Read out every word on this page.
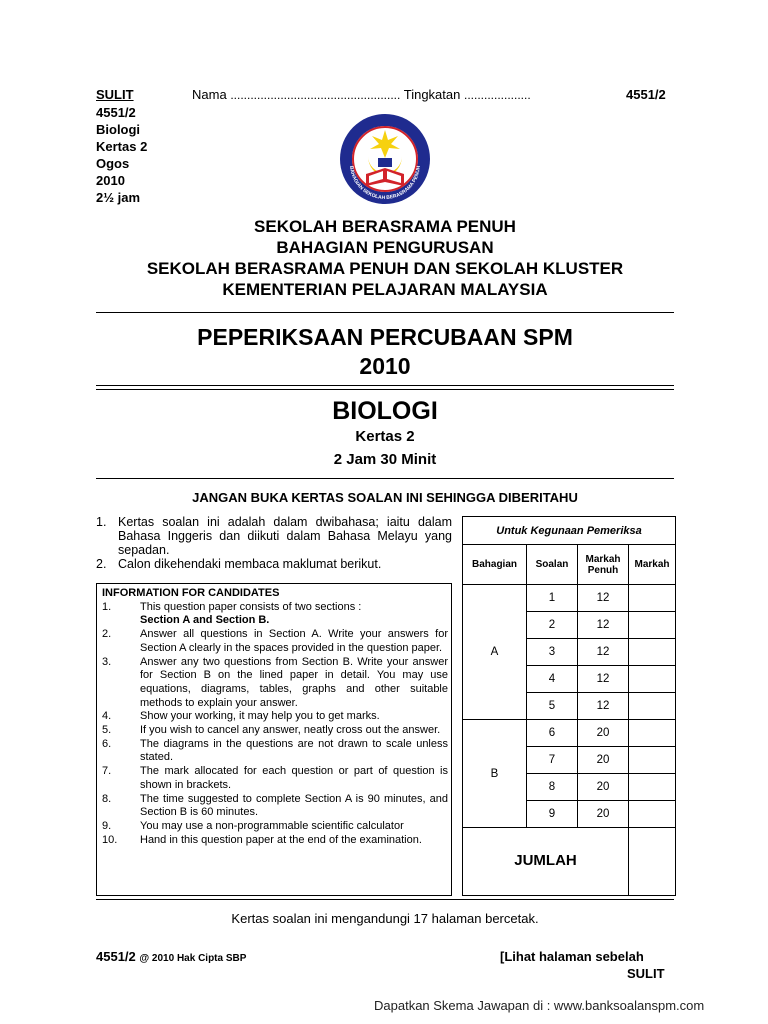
SULIT	Nama ................................................... Tingkatan ....................	4551/2
4551/2
Biologi
Kertas 2
Ogos
2010
2½ jam
BAHAGIAN SEKOLAH BERASRAMA PENUH
SEKOLAH BERASRAMA PENUH
BAHAGIAN PENGURUSAN
SEKOLAH BERASRAMA PENUH DAN SEKOLAH KLUSTER
KEMENTERIAN PELAJARAN MALAYSIA
PEPERIKSAAN PERCUBAAN SPM
2010
BIOLOGI
Kertas 2
2 Jam 30 Minit
JANGAN BUKA KERTAS SOALAN INI SEHINGGA DIBERITAHU
1. Kertas soalan ini adalah dalam dwibahasa; iaitu dalam Bahasa Inggeris dan diikuti dalam Bahasa Melayu yang sepadan.
2. Calon dikehendaki membaca maklumat berikut.
INFORMATION FOR CANDIDATES
1.	This question paper consists of two sections :
Section A and Section B.
2.	Answer all questions in Section A. Write your answers for Section A clearly in the spaces provided in the question paper.
3.	Answer any two questions from Section B. Write your answer for Section B on the lined paper in detail. You may use equations, diagrams, tables, graphs and other suitable methods to explain your answer.
4.	Show your working, it may help you to get marks.
5.	If you wish to cancel any answer, neatly cross out the answer.
6.	The diagrams in the questions are not drawn to scale unless stated.
7.	The mark allocated for each question or part of question is shown in brackets.
8.	The time suggested to complete Section A is 90 minutes, and Section B is 60 minutes.
9.	You may use a non-programmable scientific calculator
10.	Hand in this question paper at the end of the examination.
Untuk Kegunaan Pemeriksa			
Bahagian	Soalan	Markah Penuh	Markah
A	1	12	
	2	12	
	3	12	
	4	12	
	5	12	
B	6	20	
	7	20	
	8	20	
	9	20	
JUMLAH			
Kertas soalan ini mengandungi 17 halaman bercetak.
4551/2 @ 2010 Hak Cipta SBP	[Lihat halaman sebelah
SULIT
Dapatkan Skema Jawapan di : www.banksoalanspm.com
